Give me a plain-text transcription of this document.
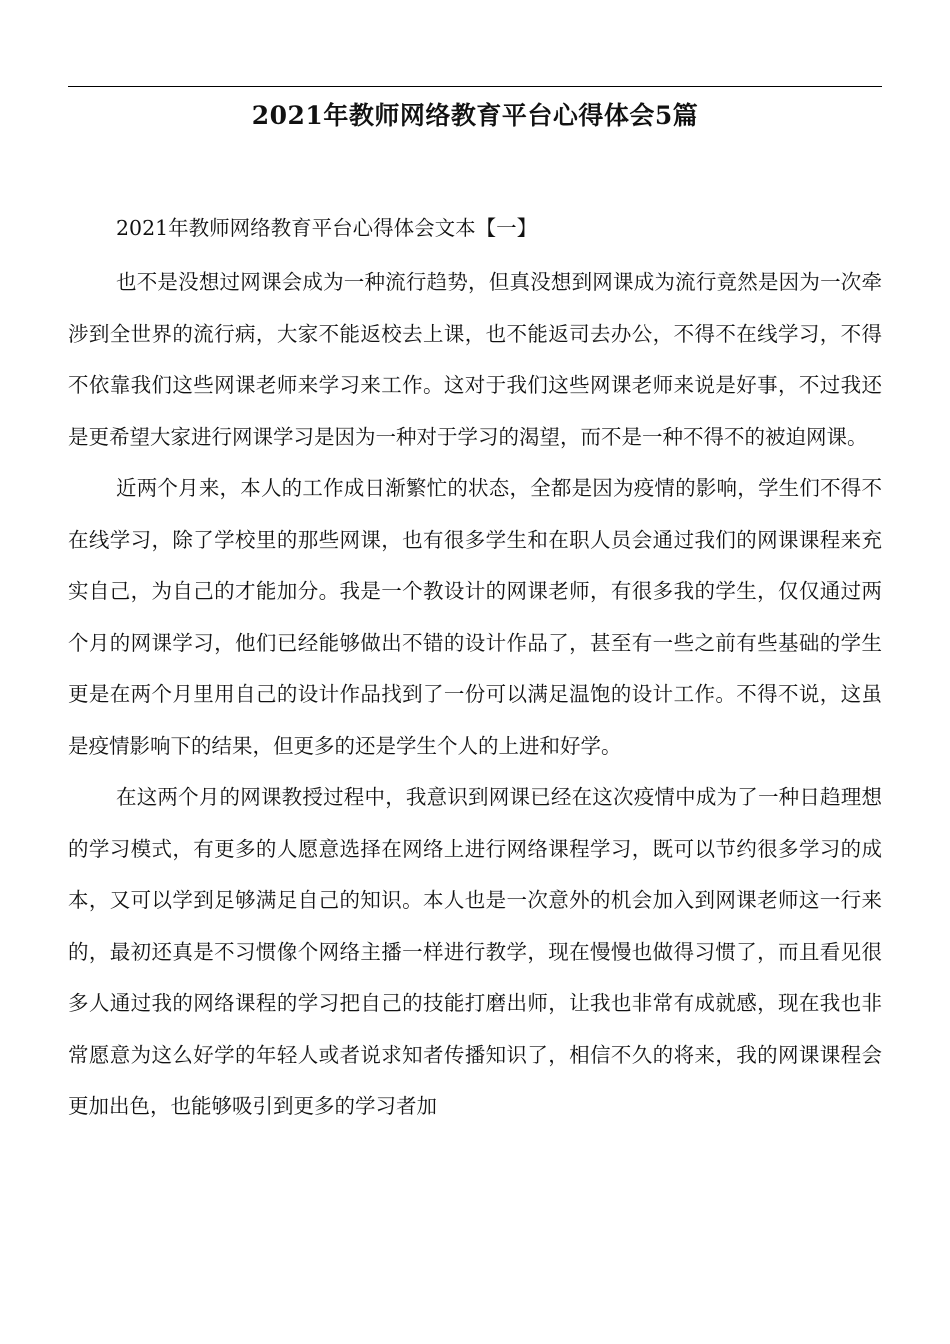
2021年教师网络教育平台心得体会5篇

2021年教师网络教育平台心得体会文本【一】

也不是没想过网课会成为一种流行趋势，但真没想到网课成为流行竟然是因为一次牵涉到全世界的流行病，大家不能返校去上课，也不能返司去办公，不得不在线学习，不得不依靠我们这些网课老师来学习来工作。这对于我们这些网课老师来说是好事，不过我还是更希望大家进行网课学习是因为一种对于学习的渴望，而不是一种不得不的被迫网课。

近两个月来，本人的工作成日渐繁忙的状态，全都是因为疫情的影响，学生们不得不在线学习，除了学校里的那些网课，也有很多学生和在职人员会通过我们的网课课程来充实自己，为自己的才能加分。我是一个教设计的网课老师，有很多我的学生，仅仅通过两个月的网课学习，他们已经能够做出不错的设计作品了，甚至有一些之前有些基础的学生更是在两个月里用自己的设计作品找到了一份可以满足温饱的设计工作。不得不说，这虽是疫情影响下的结果，但更多的还是学生个人的上进和好学。

在这两个月的网课教授过程中，我意识到网课已经在这次疫情中成为了一种日趋理想的学习模式，有更多的人愿意选择在网络上进行网络课程学习，既可以节约很多学习的成本，又可以学到足够满足自己的知识。本人也是一次意外的机会加入到网课老师这一行来的，最初还真是不习惯像个网络主播一样进行教学，现在慢慢也做得习惯了，而且看见很多人通过我的网络课程的学习把自己的技能打磨出师，让我也非常有成就感，现在我也非常愿意为这么好学的年轻人或者说求知者传播知识了，相信不久的将来，我的网课课程会更加出色，也能够吸引到更多的学习者加
